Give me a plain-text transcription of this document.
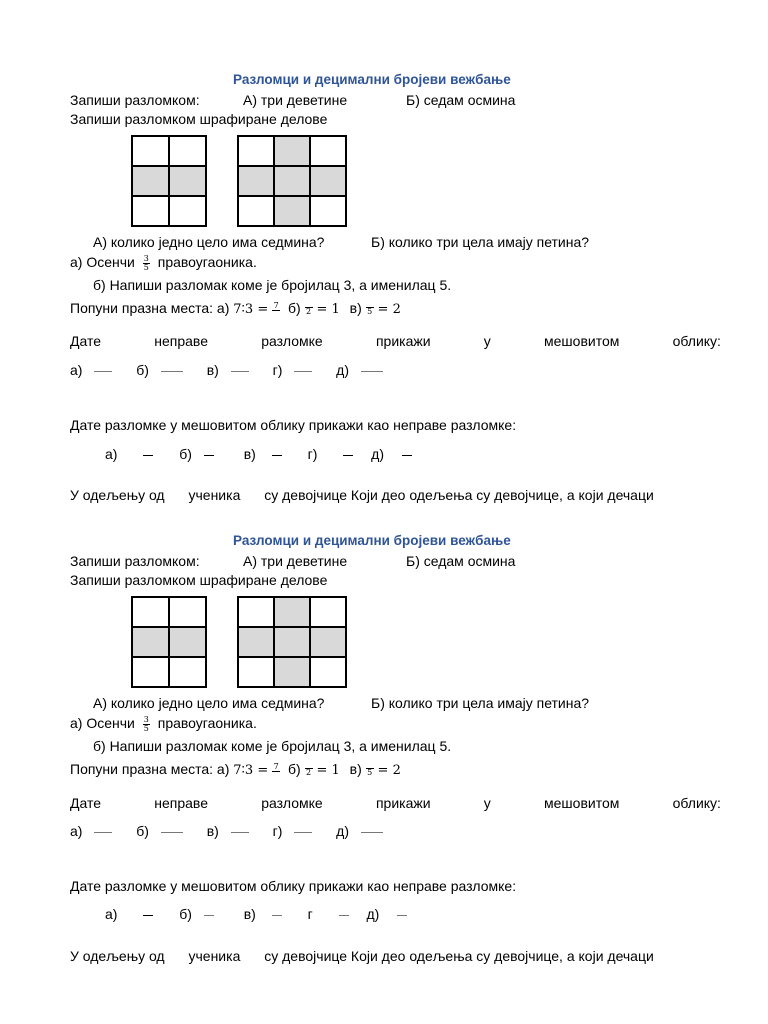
Разломци и децимални бројеви вежбање
Запиши разломком:	А) три деветине	Б) седам осмина
Запиши разломком шрафиране делове
А) колико једно цело има седмина?	Б) колико три цела имају петина?
а) Осенчи $\frac{3}{5}$ правоугаоника.
б) Напиши разломак коме је бројилац 3, а именилац 5.
Попуни празна места: а) 7∶3 = 7 б) 2 = 1 в) 5 = 2
Дате	неправе	разломке	прикажи	у	мешовитом	облику:
а)	б)	в)	г)	д)
Дате разломке у мешовитом облику прикажи као неправе разломке:
а)	б)	в)	г)	д)
У одељењу од ученика су девојчице Који део одељења су девојчице, а који дечаци
Разломци и децимални бројеви вежбање
Запиши разломком:	А) три деветине	Б) седам осмина
Запиши разломком шрафиране делове
А) колико једно цело има седмина?	Б) колико три цела имају петина?
а) Осенчи $\frac{3}{5}$ правоугаоника.
б) Напиши разломак коме је бројилац 3, а именилац 5.
Попуни празна места: а) 7∶3 = 7 б) 2 = 1 в) 5 = 2
Дате	неправе	разломке	прикажи	у	мешовитом	облику:
а)	б)	в)	г)	д)
Дате разломке у мешовитом облику прикажи као неправе разломке:
а)	б)	в)	г	д)
У одељењу од ученика су девојчице Који део одељења су девојчице, а који дечаци
